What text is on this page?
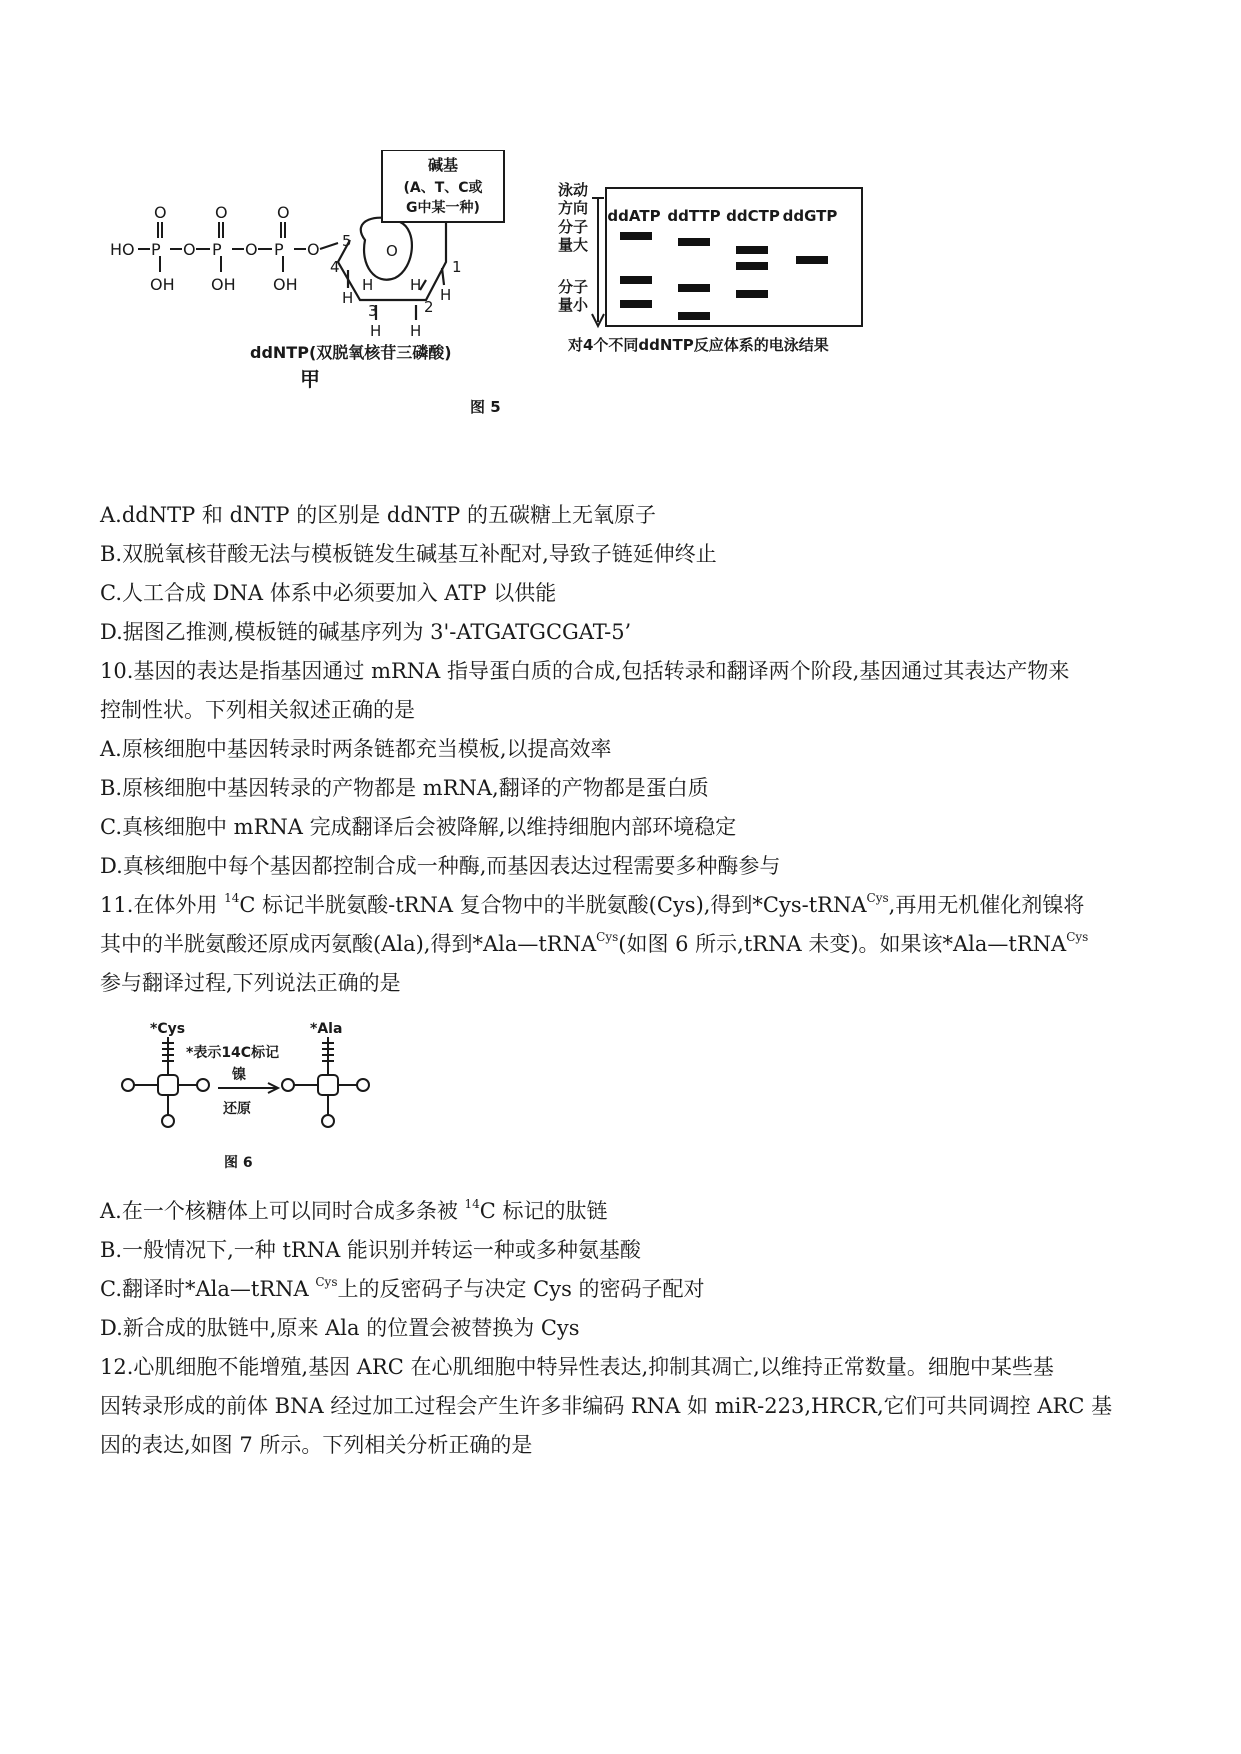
HO P
O
OH
O P
O
OH
O P
O
OH
O	O
5
4
3	2
1
H
H
H
H
H
H
碱基
(A、T、C或
G中某一种)
ddNTP(双脱氧核苷三磷酸)
甲
泳动
方向
分子
量大
分子
量小
ddATP ddTTP ddCTP ddGTP
对4个不同ddNTP反应体系的电泳结果
图 5
A.ddNTP 和 dNTP 的区别是 ddNTP 的五碳糖上无氧原子
B.双脱氧核苷酸无法与模板链发生碱基互补配对,导致子链延伸终止
C.人工合成 DNA 体系中必须要加入 ATP 以供能
D.据图乙推测,模板链的碱基序列为 3'-ATGATGCGAT-5’
10.基因的表达是指基因通过 mRNA 指导蛋白质的合成,包括转录和翻译两个阶段,基因通过其表达产物来
控制性状。下列相关叙述正确的是
A.原核细胞中基因转录时两条链都充当模板,以提高效率
B.原核细胞中基因转录的产物都是 mRNA,翻译的产物都是蛋白质
C.真核细胞中 mRNA 完成翻译后会被降解,以维持细胞内部环境稳定
D.真核细胞中每个基因都控制合成一种酶,而基因表达过程需要多种酶参与
11.在体外用 $^{14}$C 标记半胱氨酸-tRNA 复合物中的半胱氨酸(Cys),得到*Cys-tRNA$^{Cys}$,再用无机催化剂镍将
其中的半胱氨酸还原成丙氨酸(Ala),得到*Ala—tRNA$^{Cys}$(如图 6 所示,tRNA 未变)。如果该*Ala—tRNA$^{Cys}$
参与翻译过程,下列说法正确的是
*Cys	*Ala
*表示14C标记
镍
还原
图 6
A.在一个核糖体上可以同时合成多条被 $^{14}$C 标记的肽链
B.一般情况下,一种 tRNA 能识别并转运一种或多种氨基酸
C.翻译时*Ala—tRNA $^{Cys}$上的反密码子与决定 Cys 的密码子配对
D.新合成的肽链中,原来 Ala 的位置会被替换为 Cys
12.心肌细胞不能增殖,基因 ARC 在心肌细胞中特异性表达,抑制其凋亡,以维持正常数量。细胞中某些基
因转录形成的前体 BNA 经过加工过程会产生许多非编码 RNA 如 miR-223,HRCR,它们可共同调控 ARC 基
因的表达,如图 7 所示。下列相关分析正确的是
